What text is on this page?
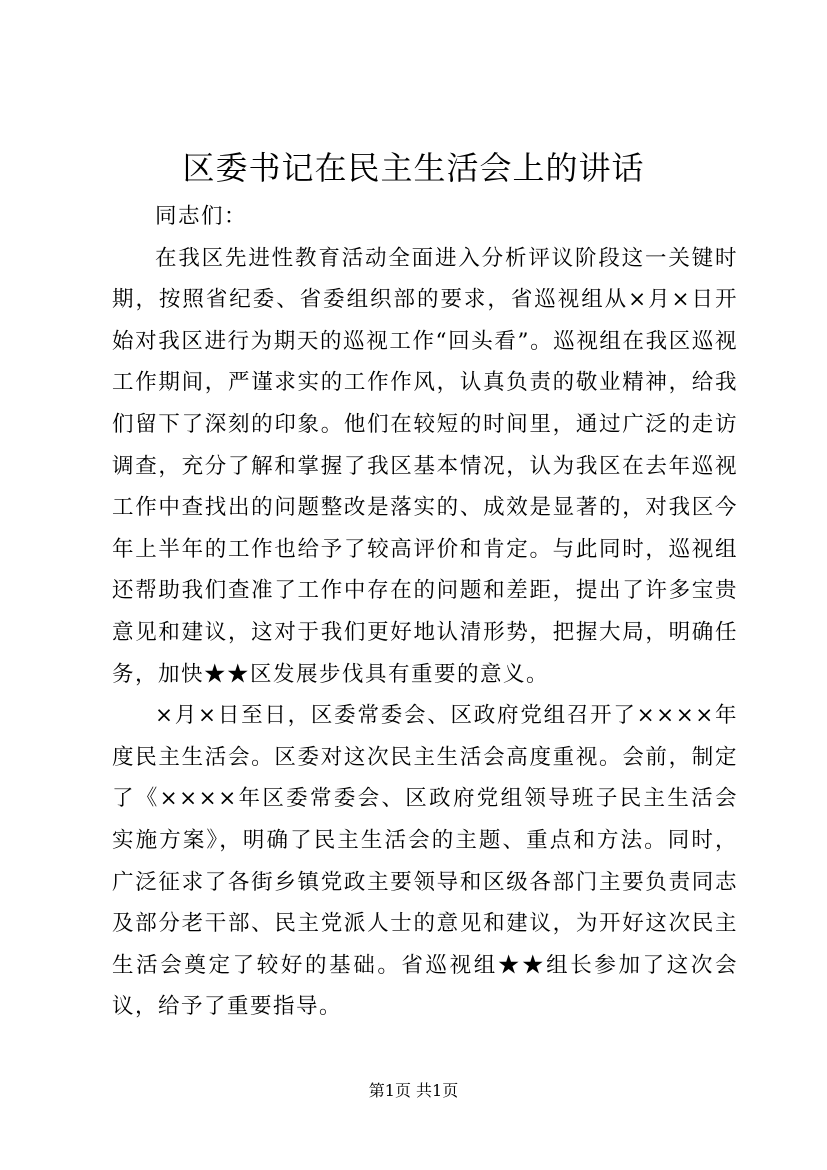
区委书记在民主生活会上的讲话

同志们：

在我区先进性教育活动全面进入分析评议阶段这一关键时期，按照省纪委、省委组织部的要求，省巡视组从×月×日开始对我区进行为期天的巡视工作“回头看”。巡视组在我区巡视工作期间，严谨求实的工作作风，认真负责的敬业精神，给我们留下了深刻的印象。他们在较短的时间里，通过广泛的走访调查，充分了解和掌握了我区基本情况，认为我区在去年巡视工作中查找出的问题整改是落实的、成效是显著的，对我区今年上半年的工作也给予了较高评价和肯定。与此同时，巡视组还帮助我们查准了工作中存在的问题和差距，提出了许多宝贵意见和建议，这对于我们更好地认清形势，把握大局，明确任务，加快★★区发展步伐具有重要的意义。

×月×日至日，区委常委会、区政府党组召开了××××年度民主生活会。区委对这次民主生活会高度重视。会前，制定了《××××年区委常委会、区政府党组领导班子民主生活会实施方案》，明确了民主生活会的主题、重点和方法。同时，广泛征求了各街乡镇党政主要领导和区级各部门主要负责同志及部分老干部、民主党派人士的意见和建议，为开好这次民主生活会奠定了较好的基础。省巡视组★★组长参加了这次会议，给予了重要指导。

第1页 共1页
